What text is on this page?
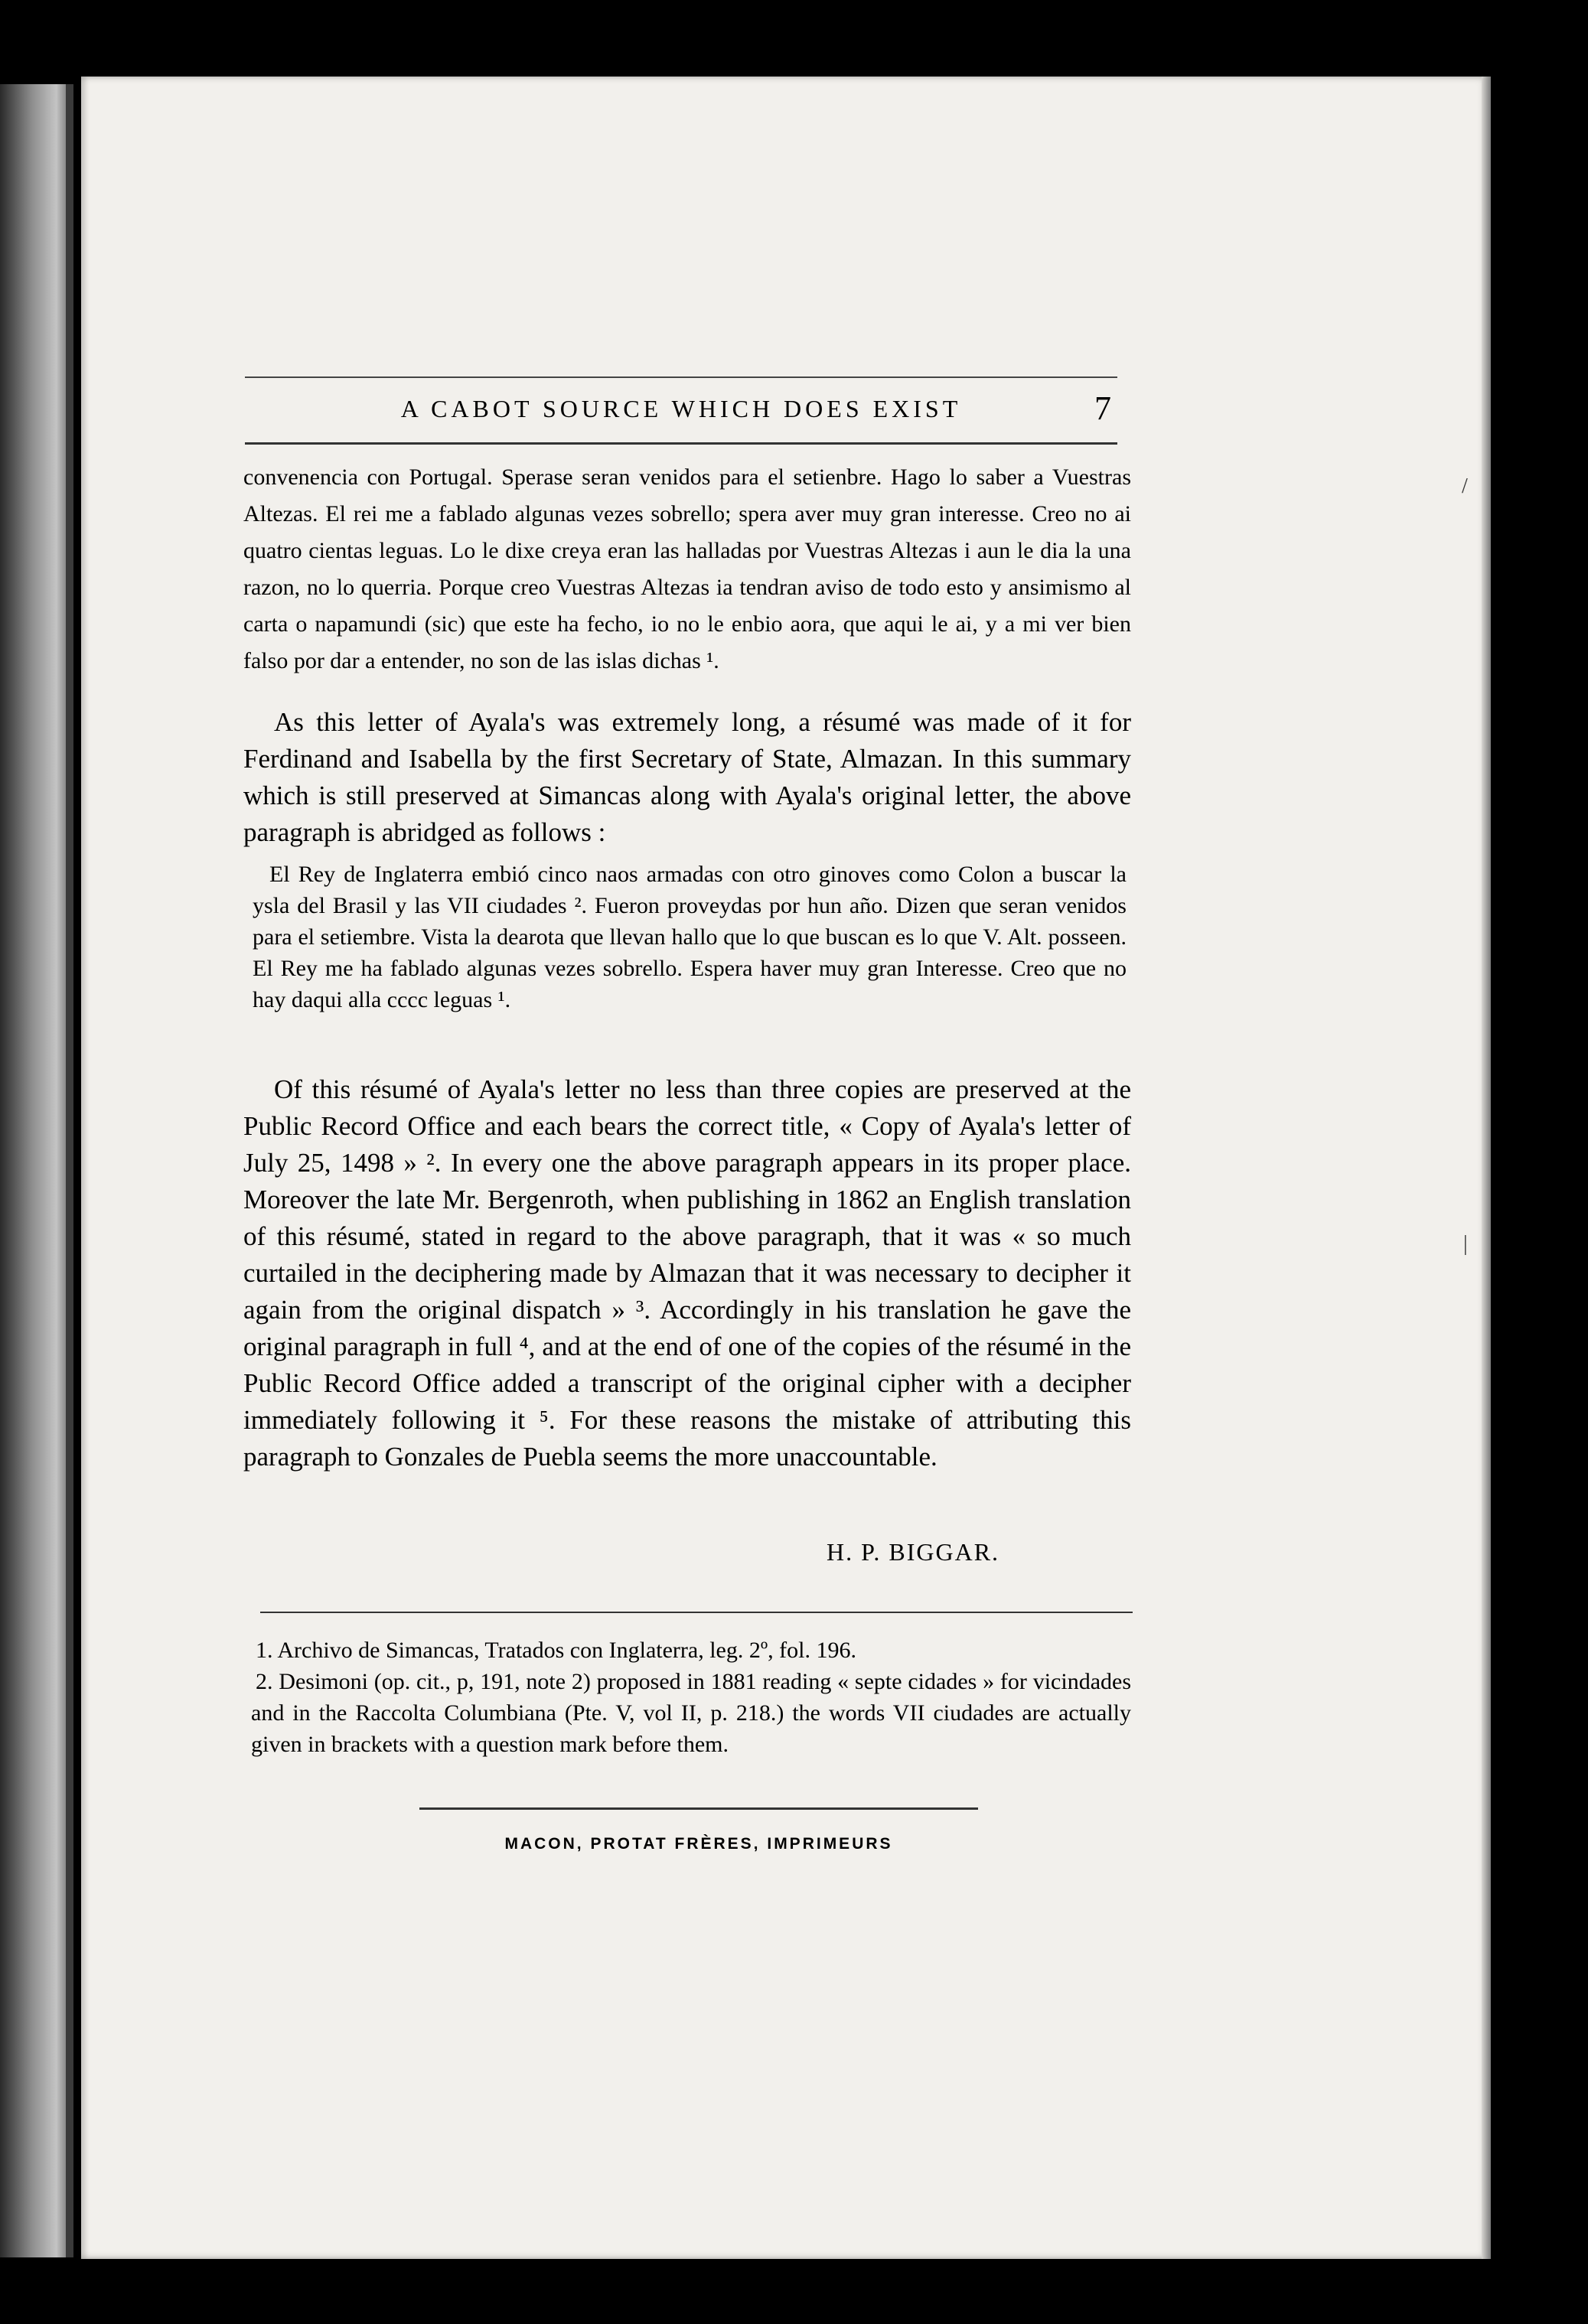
A CABOT SOURCE WHICH DOES EXIST	7
convenencia con Portugal. Sperase seran venidos para el setienbre. Hago lo saber a Vuestras Altezas. El rei me a fablado algunas vezes sobrello; spera aver muy gran interesse. Creo no ai quatro cientas leguas. Lo le dixe creya eran las halladas por Vuestras Altezas i aun le dia la una razon, no lo querria. Porque creo Vuestras Altezas ia tendran aviso de todo esto y ansimismo al carta o napamundi (sic) que este ha fecho, io no le enbio aora, que aqui le ai, y a mi ver bien falso por dar a entender, no son de las islas dichas ¹.
As this letter of Ayala's was extremely long, a résumé was made of it for Ferdinand and Isabella by the first Secretary of State, Almazan. In this summary which is still preserved at Simancas along with Ayala's original letter, the above paragraph is abridged as follows :
El Rey de Inglaterra embió cinco naos armadas con otro ginoves como Colon a buscar la ysla del Brasil y las VII ciudades ². Fueron proveydas por hun año. Dizen que seran venidos para el setiembre. Vista la dearota que llevan hallo que lo que buscan es lo que V. Alt. posseen. El Rey me ha fablado algunas vezes sobrello. Espera haver muy gran Interesse. Creo que no hay daqui alla cccc leguas ¹.
Of this résumé of Ayala's letter no less than three copies are preserved at the Public Record Office and each bears the correct title, « Copy of Ayala's letter of July 25, 1498 » ². In every one the above paragraph appears in its proper place. Moreover the late Mr. Bergenroth, when publishing in 1862 an English translation of this résumé, stated in regard to the above paragraph, that it was « so much curtailed in the deciphering made by Almazan that it was necessary to decipher it again from the original dispatch » ³. Accordingly in his translation he gave the original paragraph in full ⁴, and at the end of one of the copies of the résumé in the Public Record Office added a transcript of the original cipher with a decipher immediately following it ⁵. For these reasons the mistake of attributing this paragraph to Gonzales de Puebla seems the more unaccountable.
H. P. BIGGAR.
1. Archivo de Simancas, Tratados con Inglaterra, leg. 2º, fol. 196.
2. Desimoni (op. cit., p, 191, note 2) proposed in 1881 reading « septe cidades » for vicindades and in the Raccolta Columbiana (Pte. V, vol II, p. 218.) the words VII ciudades are actually given in brackets with a question mark before them.
MACON, PROTAT FRÈRES, IMPRIMEURS
/
|
